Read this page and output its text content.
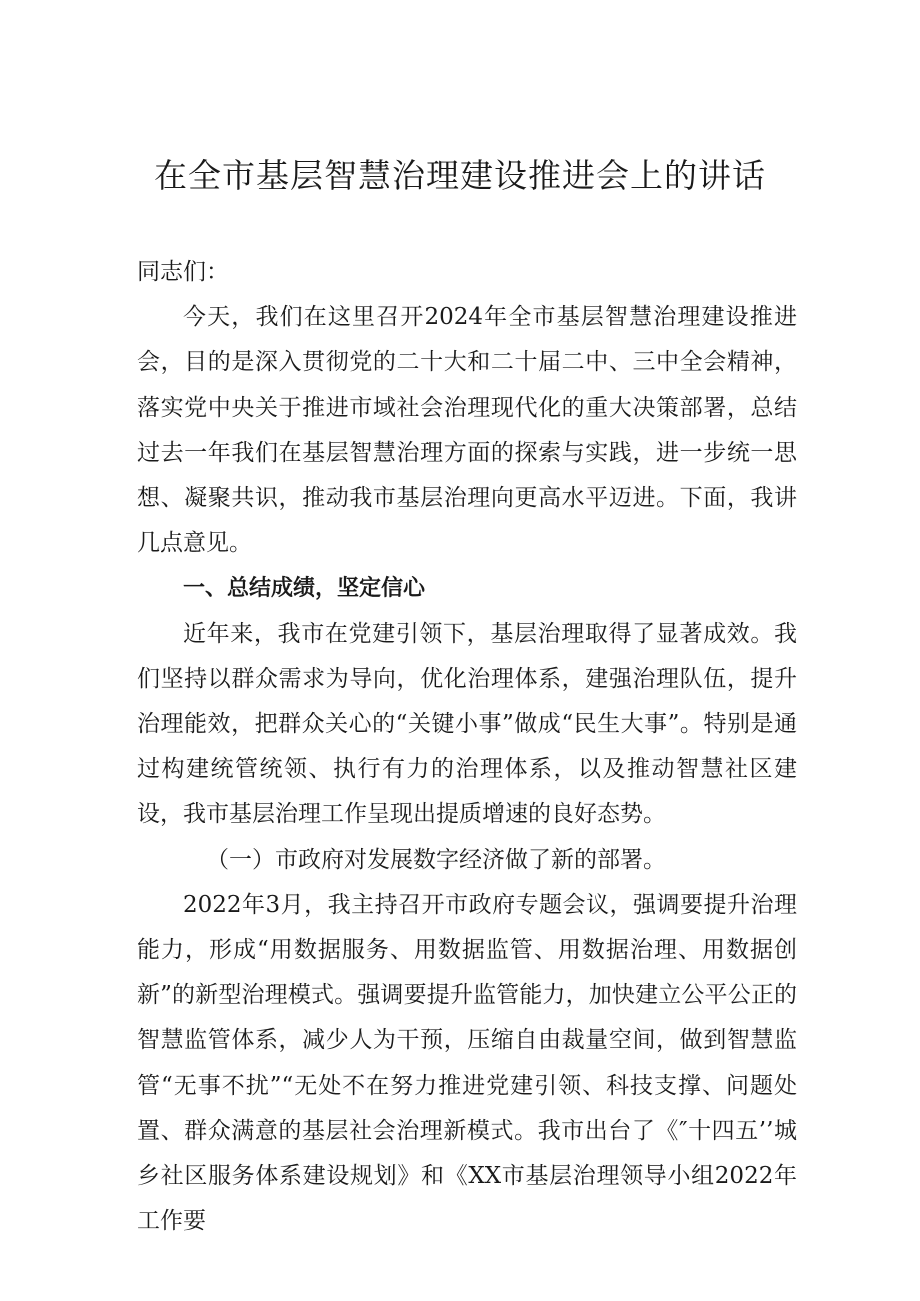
在全市基层智慧治理建设推进会上的讲话

同志们：

今天，我们在这里召开2024年全市基层智慧治理建设推进会，目的是深入贯彻党的二十大和二十届二中、三中全会精神，落实党中央关于推进市域社会治理现代化的重大决策部署，总结过去一年我们在基层智慧治理方面的探索与实践，进一步统一思想、凝聚共识，推动我市基层治理向更高水平迈进。下面，我讲几点意见。

一、总结成绩，坚定信心

近年来，我市在党建引领下，基层治理取得了显著成效。我们坚持以群众需求为导向，优化治理体系，建强治理队伍，提升治理能效，把群众关心的“关键小事”做成“民生大事”。特别是通过构建统管统领、执行有力的治理体系，以及推动智慧社区建设，我市基层治理工作呈现出提质增速的良好态势。

（一）市政府对发展数字经济做了新的部署。

2022年3月，我主持召开市政府专题会议，强调要提升治理能力，形成“用数据服务、用数据监管、用数据治理、用数据创新”的新型治理模式。强调要提升监管能力，加快建立公平公正的智慧监管体系，减少人为干预，压缩自由裁量空间，做到智慧监管“无事不扰”“无处不在努力推进党建引领、科技支撑、问题处置、群众满意的基层社会治理新模式。我市出台了《″十四五’’城乡社区服务体系建设规划》和《XX市基层治理领导小组2022年工作要
